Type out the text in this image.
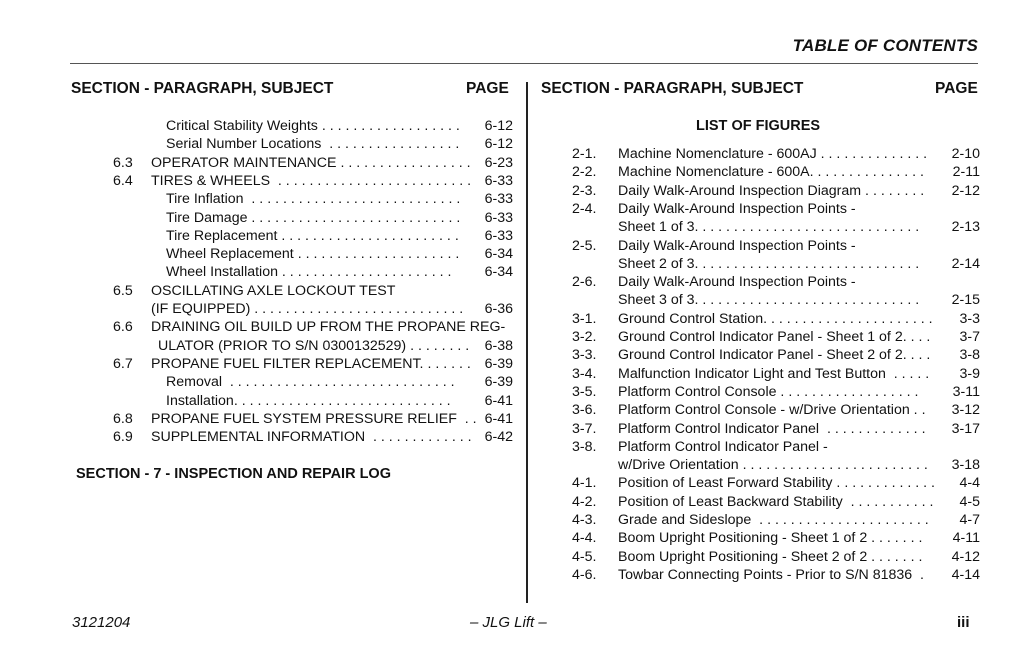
TABLE OF CONTENTS
SECTION - PARAGRAPH, SUBJECT	PAGE SECTION - PARAGRAPH, SUBJECT	PAGE
Critical Stability Weights . . . . . . . . . . . . . . . . . . 6-12
Serial Number Locations  . . . . . . . . . . . . . . . . . 6-12
6.3 OPERATOR MAINTENANCE . . . . . . . . . . . . . . . . . 6-23
6.4 TIRES & WHEELS  . . . . . . . . . . . . . . . . . . . . . . . . . 6-33
Tire Inflation  . . . . . . . . . . . . . . . . . . . . . . . . . . . 6-33
Tire Damage . . . . . . . . . . . . . . . . . . . . . . . . . . . 6-33
Tire Replacement . . . . . . . . . . . . . . . . . . . . . . . 6-33
Wheel Replacement . . . . . . . . . . . . . . . . . . . . . 6-34
Wheel Installation . . . . . . . . . . . . . . . . . . . . . . 6-34
6.5 OSCILLATING AXLE LOCKOUT TEST
(IF EQUIPPED) . . . . . . . . . . . . . . . . . . . . . . . . . . . 6-36
6.6 DRAINING OIL BUILD UP FROM THE PROPANE REG-
ULATOR (PRIOR TO S/N 0300132529) . . . . . . . . 6-38
6.7 PROPANE FUEL FILTER REPLACEMENT. . . . . . . 6-39
Removal  . . . . . . . . . . . . . . . . . . . . . . . . . . . . . 6-39
Installation. . . . . . . . . . . . . . . . . . . . . . . . . . . . 6-41
6.8 PROPANE FUEL SYSTEM PRESSURE RELIEF  . . 6-41
6.9 SUPPLEMENTAL INFORMATION  . . . . . . . . . . . . . 6-42
SECTION - 7 - INSPECTION AND REPAIR LOG
LIST OF FIGURES
2-1. Machine Nomenclature - 600AJ . . . . . . . . . . . . . . 2-10
2-2. Machine Nomenclature - 600A. . . . . . . . . . . . . . . 2-11
2-3. Daily Walk-Around Inspection Diagram . . . . . . . . 2-12
2-4. Daily Walk-Around Inspection Points -
Sheet 1 of 3. . . . . . . . . . . . . . . . . . . . . . . . . . . . . 2-13
2-5. Daily Walk-Around Inspection Points -
Sheet 2 of 3. . . . . . . . . . . . . . . . . . . . . . . . . . . . . 2-14
2-6. Daily Walk-Around Inspection Points -
Sheet 3 of 3. . . . . . . . . . . . . . . . . . . . . . . . . . . . . 2-15
3-1. Ground Control Station. . . . . . . . . . . . . . . . . . . . . . 3-3
3-2. Ground Control Indicator Panel - Sheet 1 of 2. . . . 3-7
3-3. Ground Control Indicator Panel - Sheet 2 of 2. . . . 3-8
3-4. Malfunction Indicator Light and Test Button  . . . . . 3-9
3-5. Platform Control Console . . . . . . . . . . . . . . . . . . 3-11
3-6. Platform Control Console - w/Drive Orientation . . 3-12
3-7. Platform Control Indicator Panel  . . . . . . . . . . . . . 3-17
3-8. Platform Control Indicator Panel -
w/Drive Orientation . . . . . . . . . . . . . . . . . . . . . . . . 3-18
4-1. Position of Least Forward Stability . . . . . . . . . . . . . 4-4
4-2. Position of Least Backward Stability  . . . . . . . . . . . 4-5
4-3. Grade and Sideslope  . . . . . . . . . . . . . . . . . . . . . . 4-7
4-4. Boom Upright Positioning - Sheet 1 of 2 . . . . . . . 4-11
4-5. Boom Upright Positioning - Sheet 2 of 2 . . . . . . . 4-12
4-6. Towbar Connecting Points - Prior to S/N 81836  . 4-14
3121204	– JLG Lift –	iii
